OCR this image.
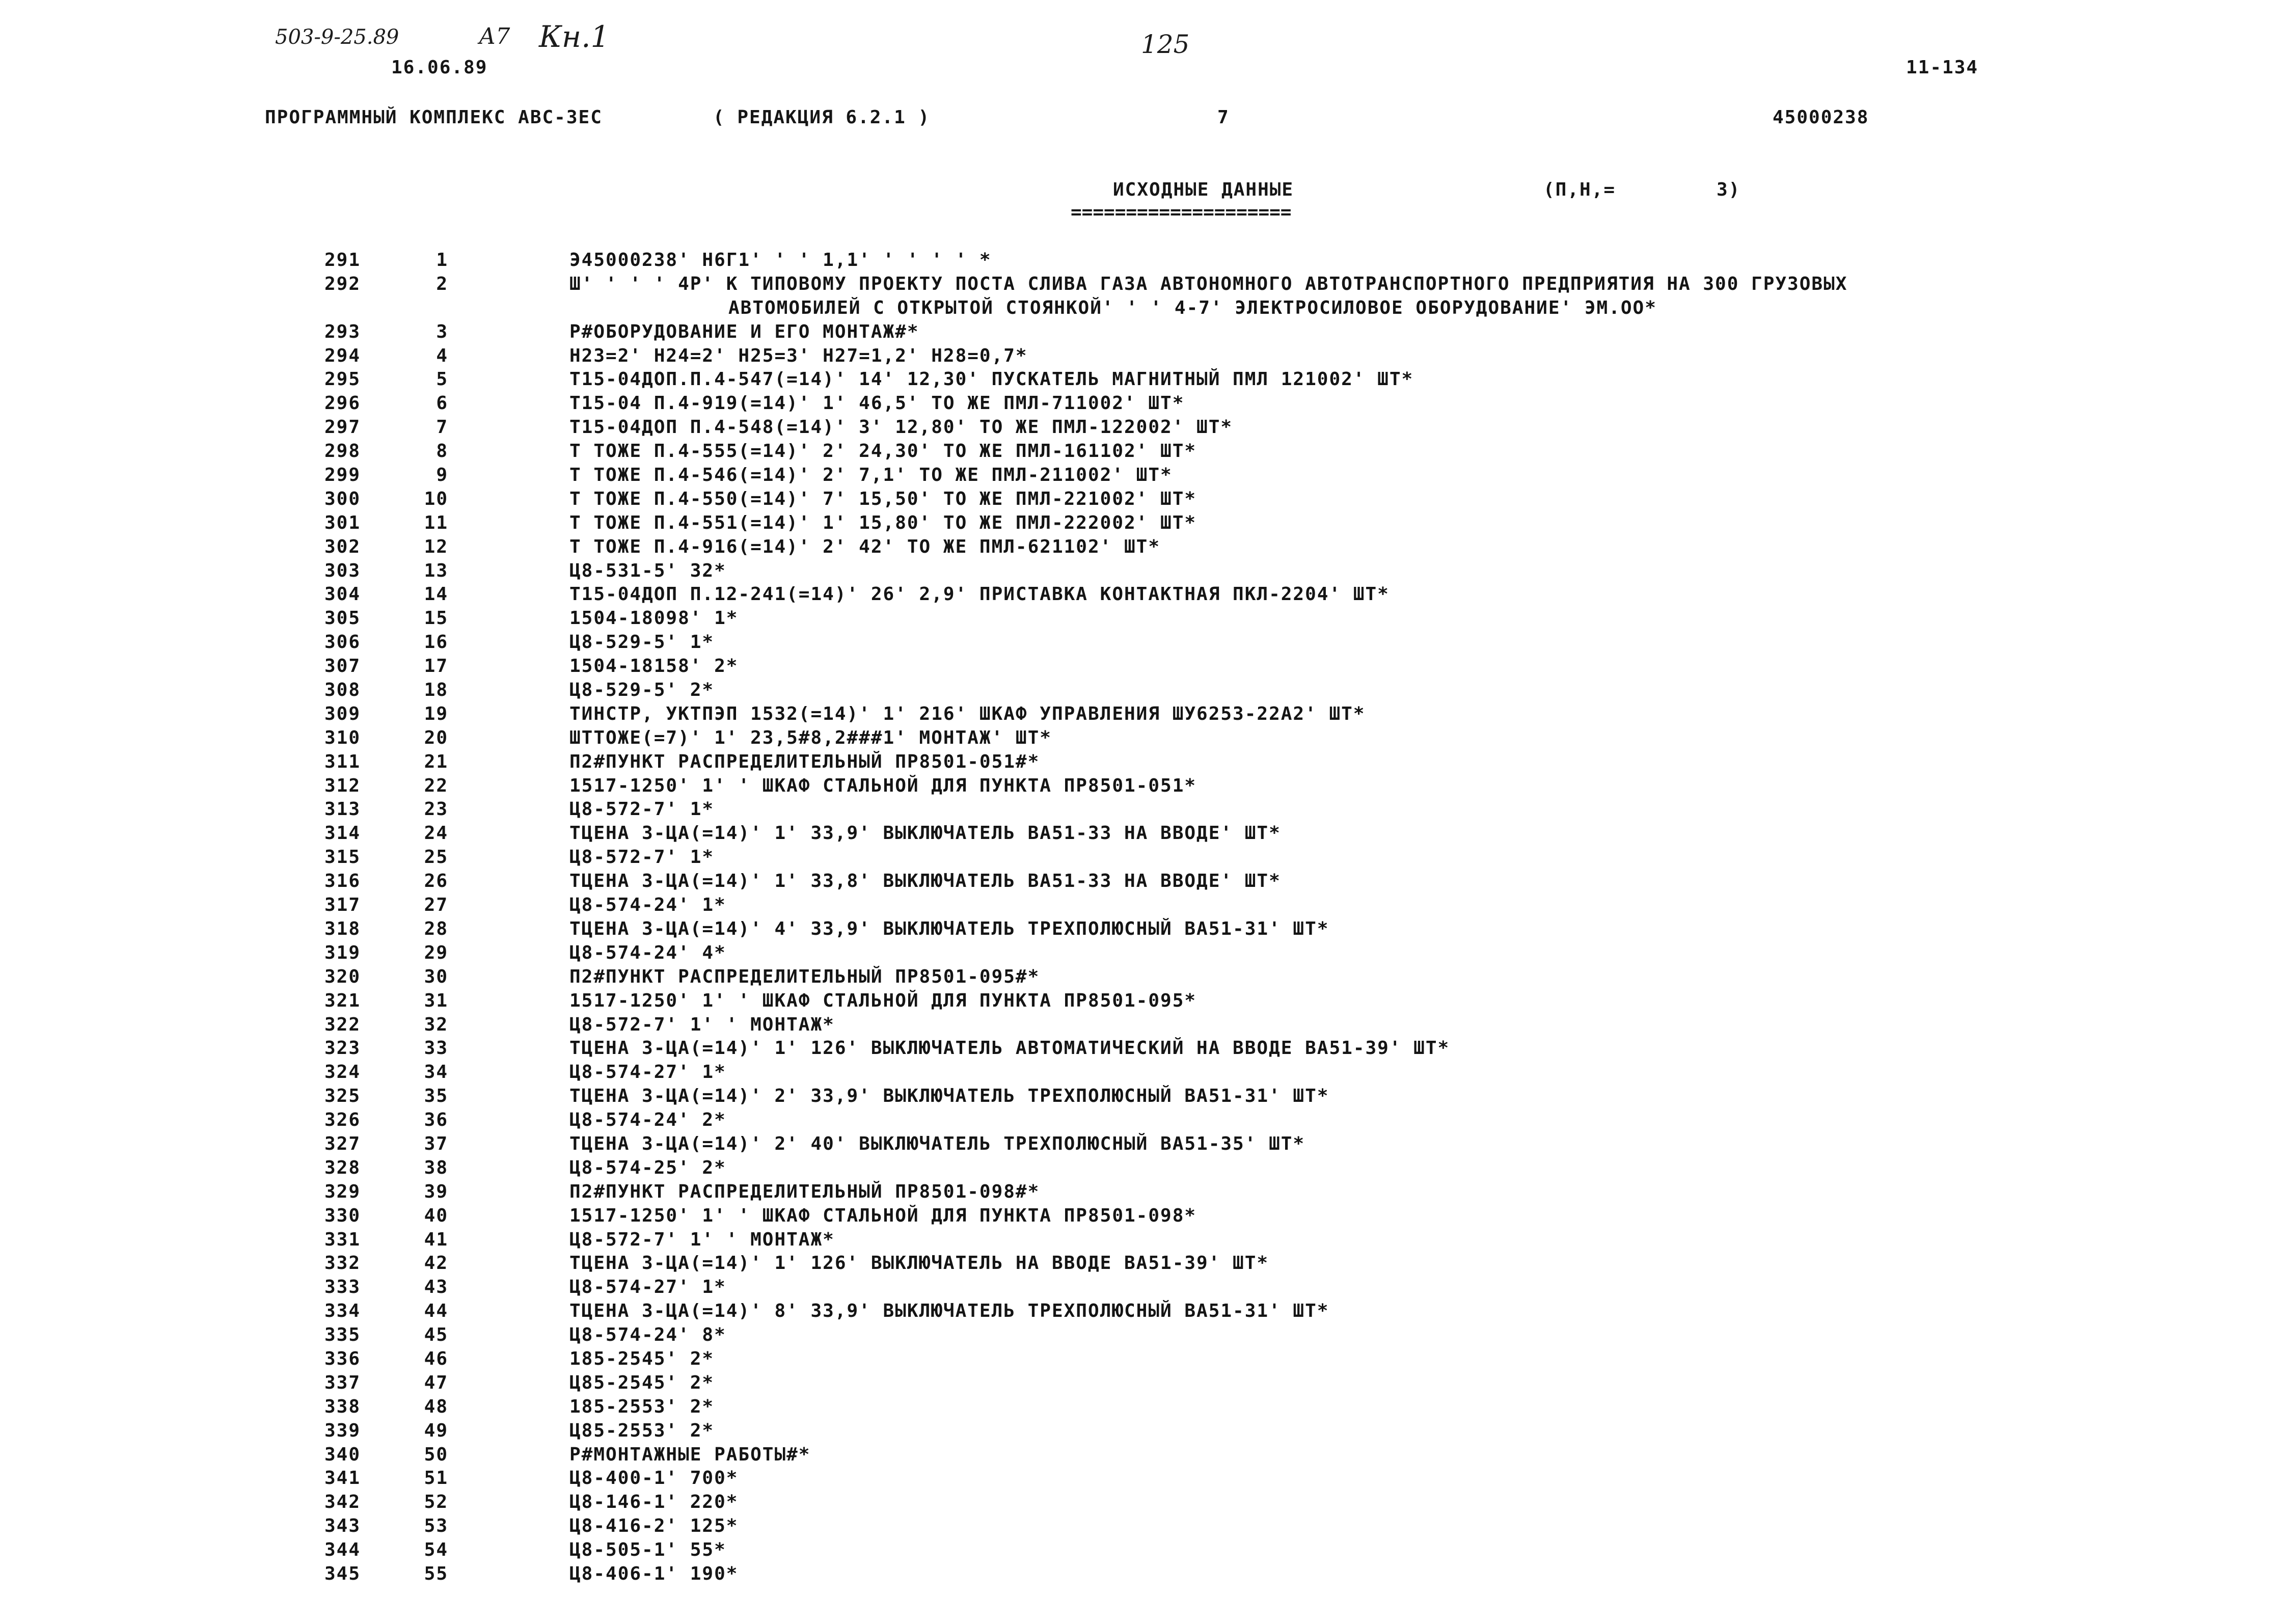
503-9-25.89	А7 Кн.1	125
16.06.89	11-134
ПРОГРАММНЫЙ КОМПЛЕКС АВС-ЗЕС	( РЕДАКЦИЯ 6.2.1 )	7	45000238
ИСХОДНЫЕ ДАННЫЕ
====================
(П,Н,=	3)
291	1	Э45000238' Н6Г1' ' ' 1,1' ' ' ' ' *
292	2	Ш' ' ' ' 4Р' К ТИПОВОМУ ПРОЕКТУ ПОСТА СЛИВА ГАЗА АВТОНОМНОГО АВТОТРАНСПОРТНОГО ПРЕДПРИЯТИЯ НА 300 ГРУЗОВЫХ
АВТОМОБИЛЕЙ С ОТКРЫТОЙ СТОЯНКОЙ' ' ' 4-7' ЭЛЕКТРОСИЛОВОЕ ОБОРУДОВАНИЕ' ЭМ.ОО*
293	3	Р#ОБОРУДОВАНИЕ И ЕГО МОНТАЖ#*
294	4	Н23=2' Н24=2' Н25=3' Н27=1,2' Н28=0,7*
295	5	Т15-04ДОП.П.4-547(=14)' 14' 12,30' ПУСКАТЕЛЬ МАГНИТНЫЙ ПМЛ 121002' ШТ*
296	6	Т15-04 П.4-919(=14)' 1' 46,5' ТО ЖЕ ПМЛ-711002' ШТ*
297	7	Т15-04ДОП П.4-548(=14)' 3' 12,80' ТО ЖЕ ПМЛ-122002' ШТ*
298	8	Т ТОЖЕ П.4-555(=14)' 2' 24,30' ТО ЖЕ ПМЛ-161102' ШТ*
299	9	Т ТОЖЕ П.4-546(=14)' 2' 7,1' ТО ЖЕ ПМЛ-211002' ШТ*
300	10	Т ТОЖЕ П.4-550(=14)' 7' 15,50' ТО ЖЕ ПМЛ-221002' ШТ*
301	11	Т ТОЖЕ П.4-551(=14)' 1' 15,80' ТО ЖЕ ПМЛ-222002' ШТ*
302	12	Т ТОЖЕ П.4-916(=14)' 2' 42' ТО ЖЕ ПМЛ-621102' ШТ*
303	13	Ц8-531-5' 32*
304	14	Т15-04ДОП П.12-241(=14)' 26' 2,9' ПРИСТАВКА КОНТАКТНАЯ ПКЛ-2204' ШТ*
305	15	1504-18098' 1*
306	16	Ц8-529-5' 1*
307	17	1504-18158' 2*
308	18	Ц8-529-5' 2*
309	19	ТИНСТР, УКТПЭП 1532(=14)' 1' 216' ШКАФ УПРАВЛЕНИЯ ШУ6253-22А2' ШТ*
310	20	ШТТОЖЕ(=7)' 1' 23,5#8,2###1' МОНТАЖ' ШТ*
311	21	П2#ПУНКТ РАСПРЕДЕЛИТЕЛЬНЫЙ ПР8501-051#*
312	22	1517-1250' 1' ' ШКАФ СТАЛЬНОЙ ДЛЯ ПУНКТА ПР8501-051*
313	23	Ц8-572-7' 1*
314	24	ТЦЕНА 3-ЦА(=14)' 1' 33,9' ВЫКЛЮЧАТЕЛЬ ВА51-33 НА ВВОДЕ' ШТ*
315	25	Ц8-572-7' 1*
316	26	ТЦЕНА 3-ЦА(=14)' 1' 33,8' ВЫКЛЮЧАТЕЛЬ ВА51-33 НА ВВОДЕ' ШТ*
317	27	Ц8-574-24' 1*
318	28	ТЦЕНА 3-ЦА(=14)' 4' 33,9' ВЫКЛЮЧАТЕЛЬ ТРЕХПОЛЮСНЫЙ ВА51-31' ШТ*
319	29	Ц8-574-24' 4*
320	30	П2#ПУНКТ РАСПРЕДЕЛИТЕЛЬНЫЙ ПР8501-095#*
321	31	1517-1250' 1' ' ШКАФ СТАЛЬНОЙ ДЛЯ ПУНКТА ПР8501-095*
322	32	Ц8-572-7' 1' ' МОНТАЖ*
323	33	ТЦЕНА 3-ЦА(=14)' 1' 126' ВЫКЛЮЧАТЕЛЬ АВТОМАТИЧЕСКИЙ НА ВВОДЕ ВА51-39' ШТ*
324	34	Ц8-574-27' 1*
325	35	ТЦЕНА 3-ЦА(=14)' 2' 33,9' ВЫКЛЮЧАТЕЛЬ ТРЕХПОЛЮСНЫЙ ВА51-31' ШТ*
326	36	Ц8-574-24' 2*
327	37	ТЦЕНА 3-ЦА(=14)' 2' 40' ВЫКЛЮЧАТЕЛЬ ТРЕХПОЛЮСНЫЙ ВА51-35' ШТ*
328	38	Ц8-574-25' 2*
329	39	П2#ПУНКТ РАСПРЕДЕЛИТЕЛЬНЫЙ ПР8501-098#*
330	40	1517-1250' 1' ' ШКАФ СТАЛЬНОЙ ДЛЯ ПУНКТА ПР8501-098*
331	41	Ц8-572-7' 1' ' МОНТАЖ*
332	42	ТЦЕНА 3-ЦА(=14)' 1' 126' ВЫКЛЮЧАТЕЛЬ НА ВВОДЕ ВА51-39' ШТ*
333	43	Ц8-574-27' 1*
334	44	ТЦЕНА 3-ЦА(=14)' 8' 33,9' ВЫКЛЮЧАТЕЛЬ ТРЕХПОЛЮСНЫЙ ВА51-31' ШТ*
335	45	Ц8-574-24' 8*
336	46	185-2545' 2*
337	47	Ц85-2545' 2*
338	48	185-2553' 2*
339	49	Ц85-2553' 2*
340	50	Р#МОНТАЖНЫЕ РАБОТЫ#*
341	51	Ц8-400-1' 700*
342	52	Ц8-146-1' 220*
343	53	Ц8-416-2' 125*
344	54	Ц8-505-1' 55*
345	55	Ц8-406-1' 190*
